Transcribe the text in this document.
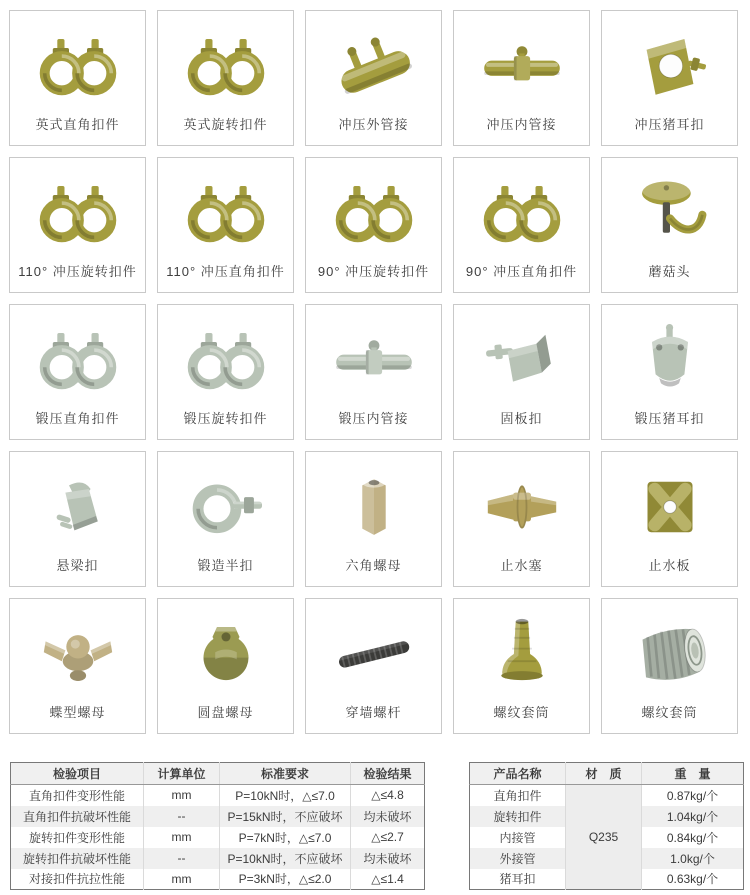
英式直角扣件	英式旋转扣件	冲压外管接	冲压内管接	冲压猪耳扣
110° 冲压旋转扣件	110° 冲压直角扣件	90° 冲压旋转扣件	90° 冲压直角扣件	蘑菇头
锻压直角扣件	锻压旋转扣件	锻压内管接	固板扣	锻压猪耳扣
悬梁扣	锻造半扣	六角螺母	止水塞	止水板
蝶型螺母	圆盘螺母	穿墙螺杆	螺纹套筒	螺纹套筒
检验项目	计算单位	标准要求	检验结果
直角扣件变形性能	mm	P=10kN时，△≤7.0	△≤4.8
直角扣件抗破坏性能	--	P=15kN时，不应破坏	均未破坏
旋转扣件变形性能	mm	P=7kN时，△≤7.0	△≤2.7
旋转扣件抗破坏性能	--	P=10kN时，不应破坏	均未破坏
对接扣件抗拉性能	mm	P=3kN时，△≤2.0	△≤1.4
产品名称	材　质	重　量
直角扣件	Q235	0.87kg/个
旋转扣件		1.04kg/个
内接管		0.84kg/个
外接管		1.0kg/个
猪耳扣		0.63kg/个
